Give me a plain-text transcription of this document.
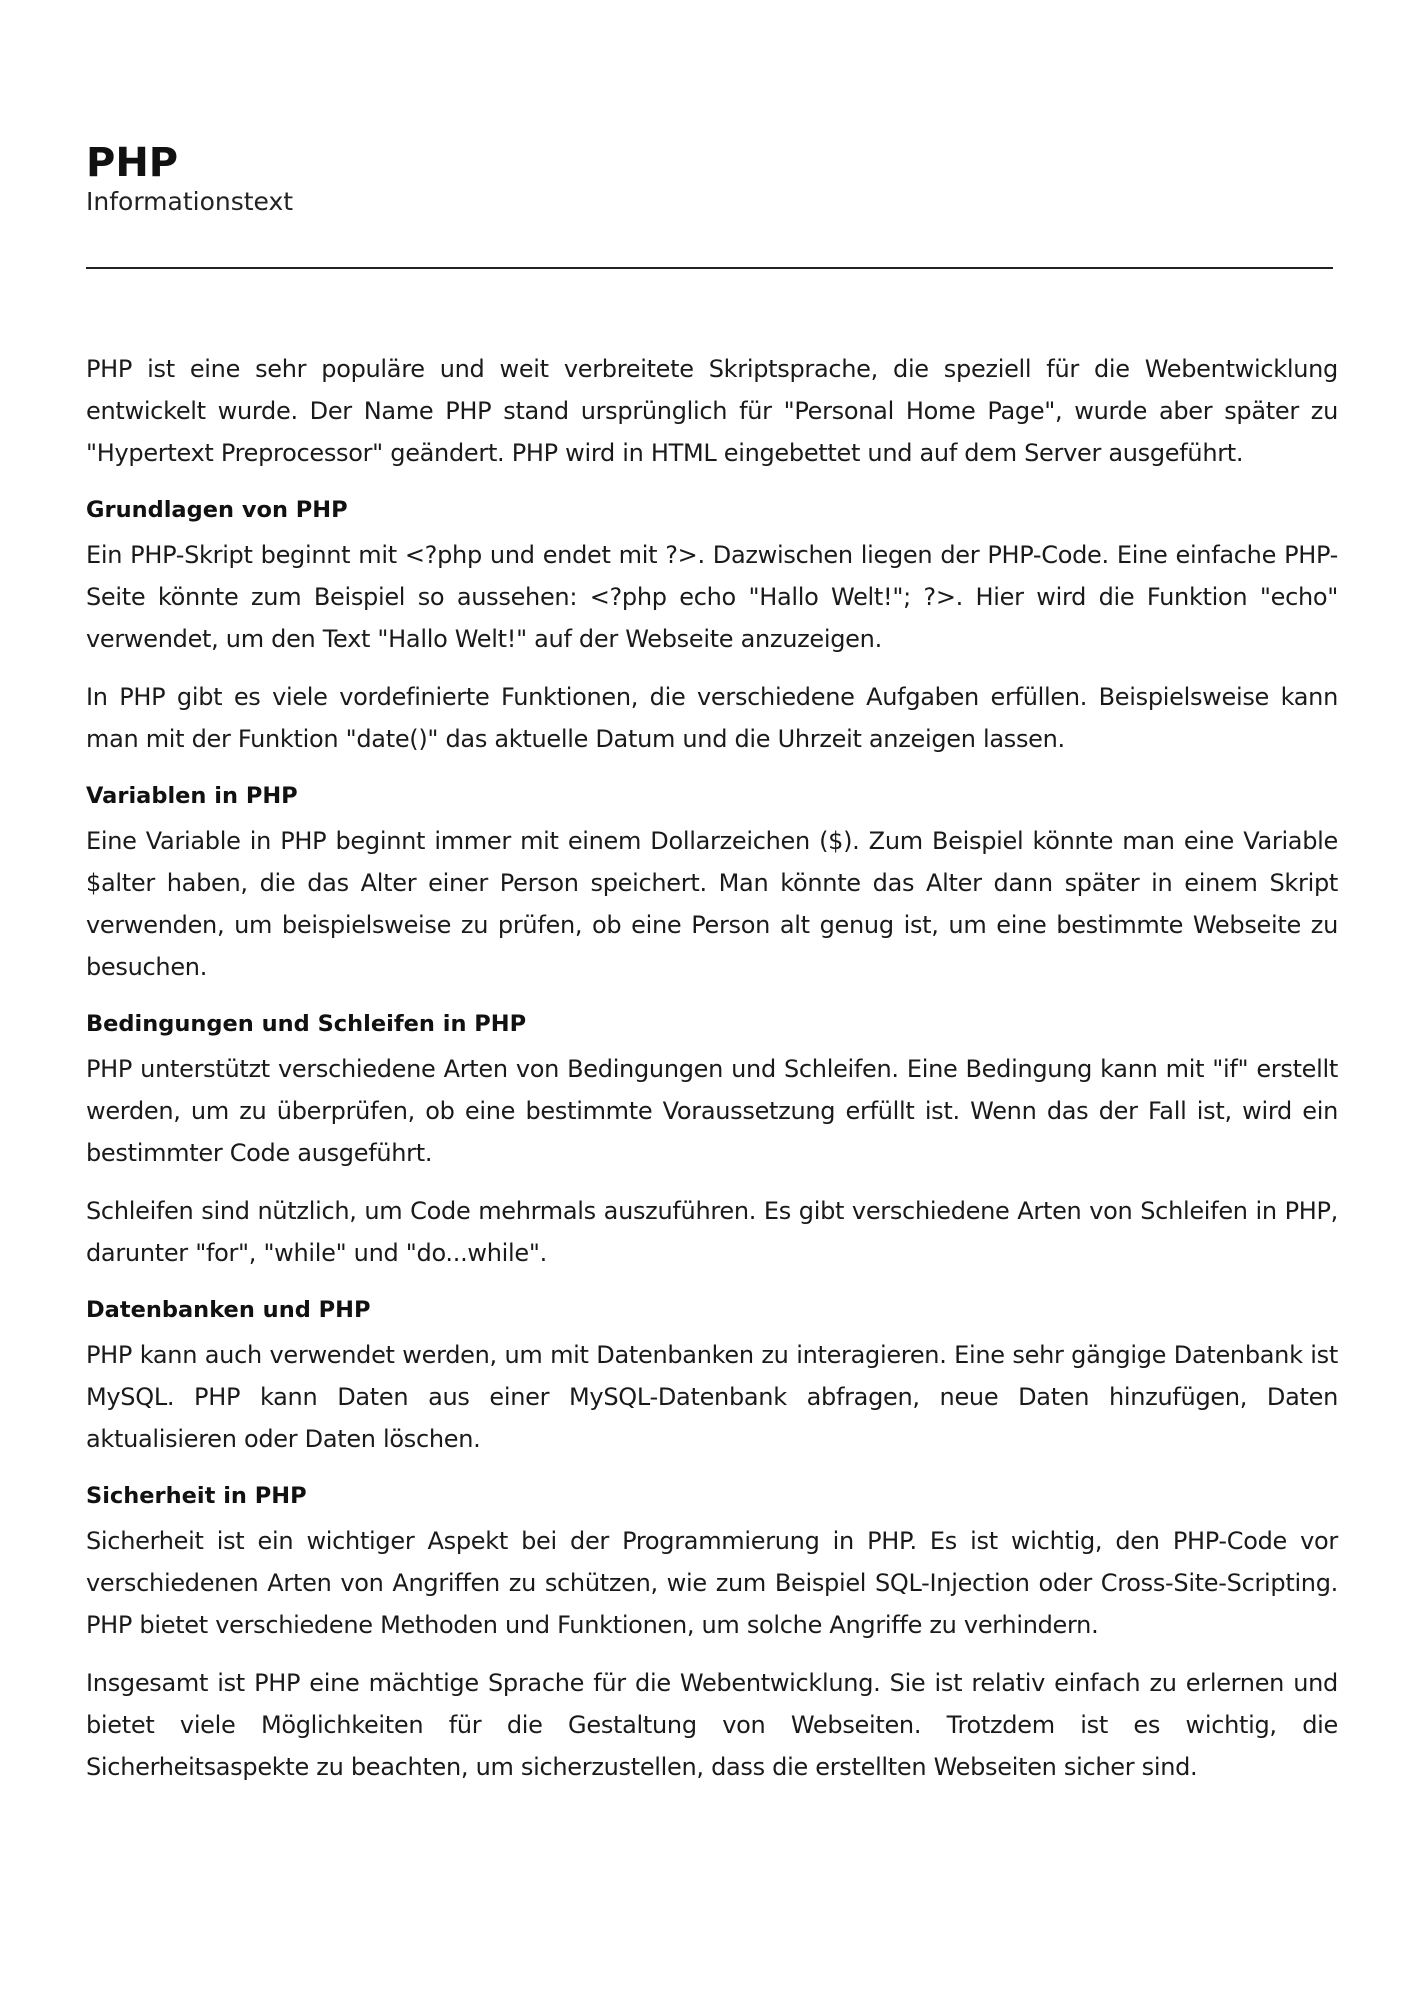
PHP

Informationstext

PHP ist eine sehr populäre und weit verbreitete Skriptsprache, die speziell für die Webentwicklung entwickelt wurde. Der Name PHP stand ursprünglich für "Personal Home Page", wurde aber später zu "Hypertext Preprocessor" geändert. PHP wird in HTML eingebettet und auf dem Server ausgeführt.

Grundlagen von PHP

Ein PHP-Skript beginnt mit <?php und endet mit ?>. Dazwischen liegen der PHP-Code. Eine einfache PHP-Seite könnte zum Beispiel so aussehen: <?php echo "Hallo Welt!"; ?>. Hier wird die Funktion "echo" verwendet, um den Text "Hallo Welt!" auf der Webseite anzuzeigen.

In PHP gibt es viele vordefinierte Funktionen, die verschiedene Aufgaben erfüllen. Beispielsweise kann man mit der Funktion "date()" das aktuelle Datum und die Uhrzeit anzeigen lassen.

Variablen in PHP

Eine Variable in PHP beginnt immer mit einem Dollarzeichen ($). Zum Beispiel könnte man eine Variable $alter haben, die das Alter einer Person speichert. Man könnte das Alter dann später in einem Skript verwenden, um beispielsweise zu prüfen, ob eine Person alt genug ist, um eine bestimmte Webseite zu besuchen.

Bedingungen und Schleifen in PHP

PHP unterstützt verschiedene Arten von Bedingungen und Schleifen. Eine Bedingung kann mit "if" erstellt werden, um zu überprüfen, ob eine bestimmte Voraussetzung erfüllt ist. Wenn das der Fall ist, wird ein bestimmter Code ausgeführt.

Schleifen sind nützlich, um Code mehrmals auszuführen. Es gibt verschiedene Arten von Schleifen in PHP, darunter "for", "while" und "do...while".

Datenbanken und PHP

PHP kann auch verwendet werden, um mit Datenbanken zu interagieren. Eine sehr gängige Datenbank ist MySQL. PHP kann Daten aus einer MySQL-Datenbank abfragen, neue Daten hinzufügen, Daten aktualisieren oder Daten löschen.

Sicherheit in PHP

Sicherheit ist ein wichtiger Aspekt bei der Programmierung in PHP. Es ist wichtig, den PHP-Code vor verschiedenen Arten von Angriffen zu schützen, wie zum Beispiel SQL-Injection oder Cross-Site-Scripting. PHP bietet verschiedene Methoden und Funktionen, um solche Angriffe zu verhindern.

Insgesamt ist PHP eine mächtige Sprache für die Webentwicklung. Sie ist relativ einfach zu erlernen und bietet viele Möglichkeiten für die Gestaltung von Webseiten. Trotzdem ist es wichtig, die Sicherheitsaspekte zu beachten, um sicherzustellen, dass die erstellten Webseiten sicher sind.
